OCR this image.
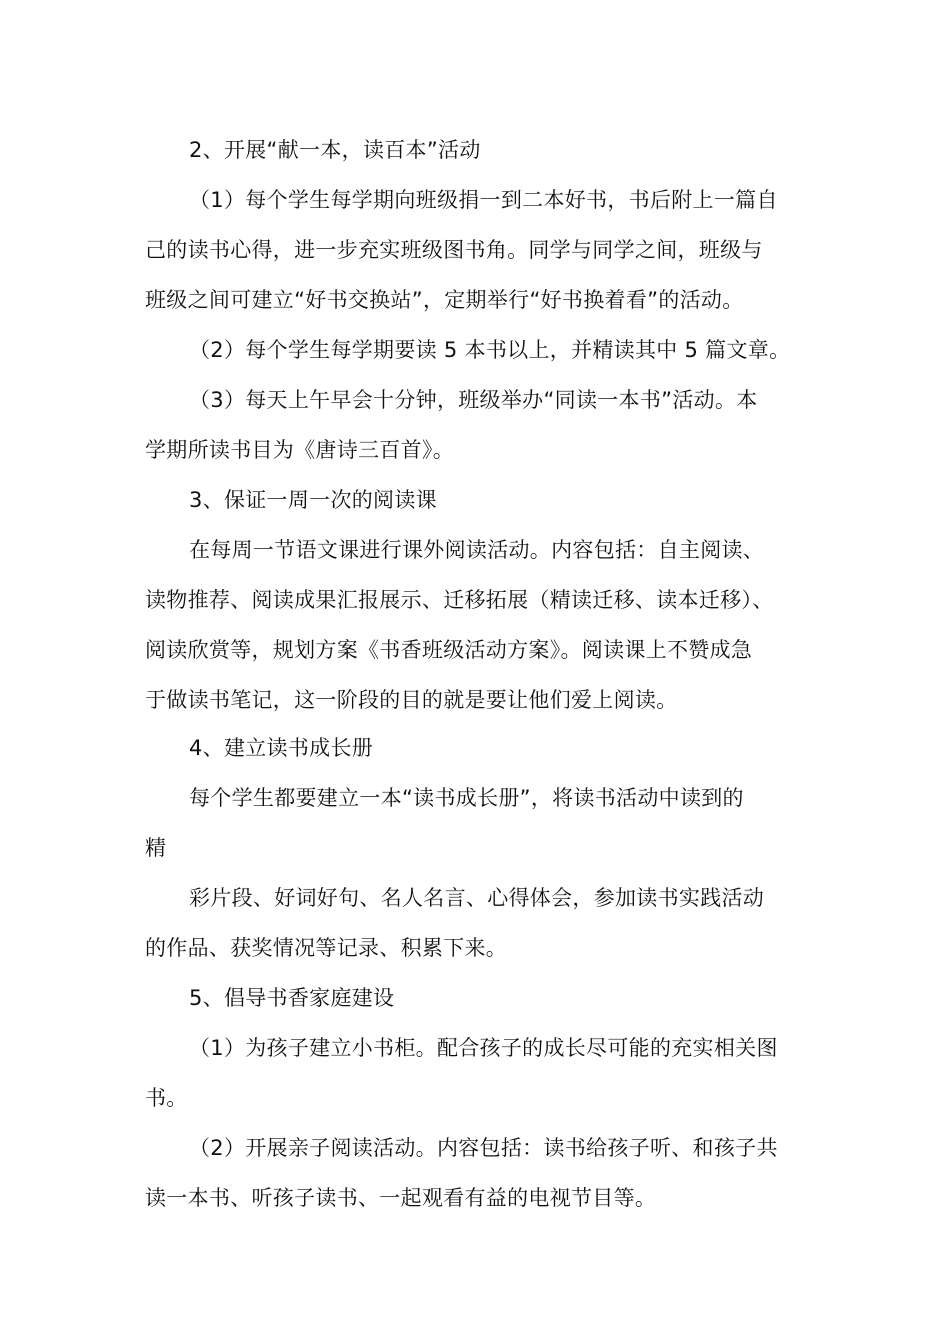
2、开展“献一本，读百本”活动
（1）每个学生每学期向班级捐一到二本好书，书后附上一篇自
己的读书心得，进一步充实班级图书角。同学与同学之间，班级与
班级之间可建立“好书交换站”，定期举行“好书换着看”的活动。
（2）每个学生每学期要读 5 本书以上，并精读其中 5 篇文章。
（3）每天上午早会十分钟，班级举办“同读一本书”活动。本
学期所读书目为《唐诗三百首》。
3、保证一周一次的阅读课
在每周一节语文课进行课外阅读活动。内容包括：自主阅读、
读物推荐、阅读成果汇报展示、迁移拓展（精读迁移、读本迁移）、
阅读欣赏等，规划方案《书香班级活动方案》。阅读课上不赞成急
于做读书笔记，这一阶段的目的就是要让他们爱上阅读。
4、建立读书成长册
每个学生都要建立一本“读书成长册”，将读书活动中读到的
精
彩片段、好词好句、名人名言、心得体会，参加读书实践活动
的作品、获奖情况等记录、积累下来。
5、倡导书香家庭建设
（1）为孩子建立小书柜。配合孩子的成长尽可能的充实相关图
书。
（2）开展亲子阅读活动。内容包括：读书给孩子听、和孩子共
读一本书、听孩子读书、一起观看有益的电视节目等。
